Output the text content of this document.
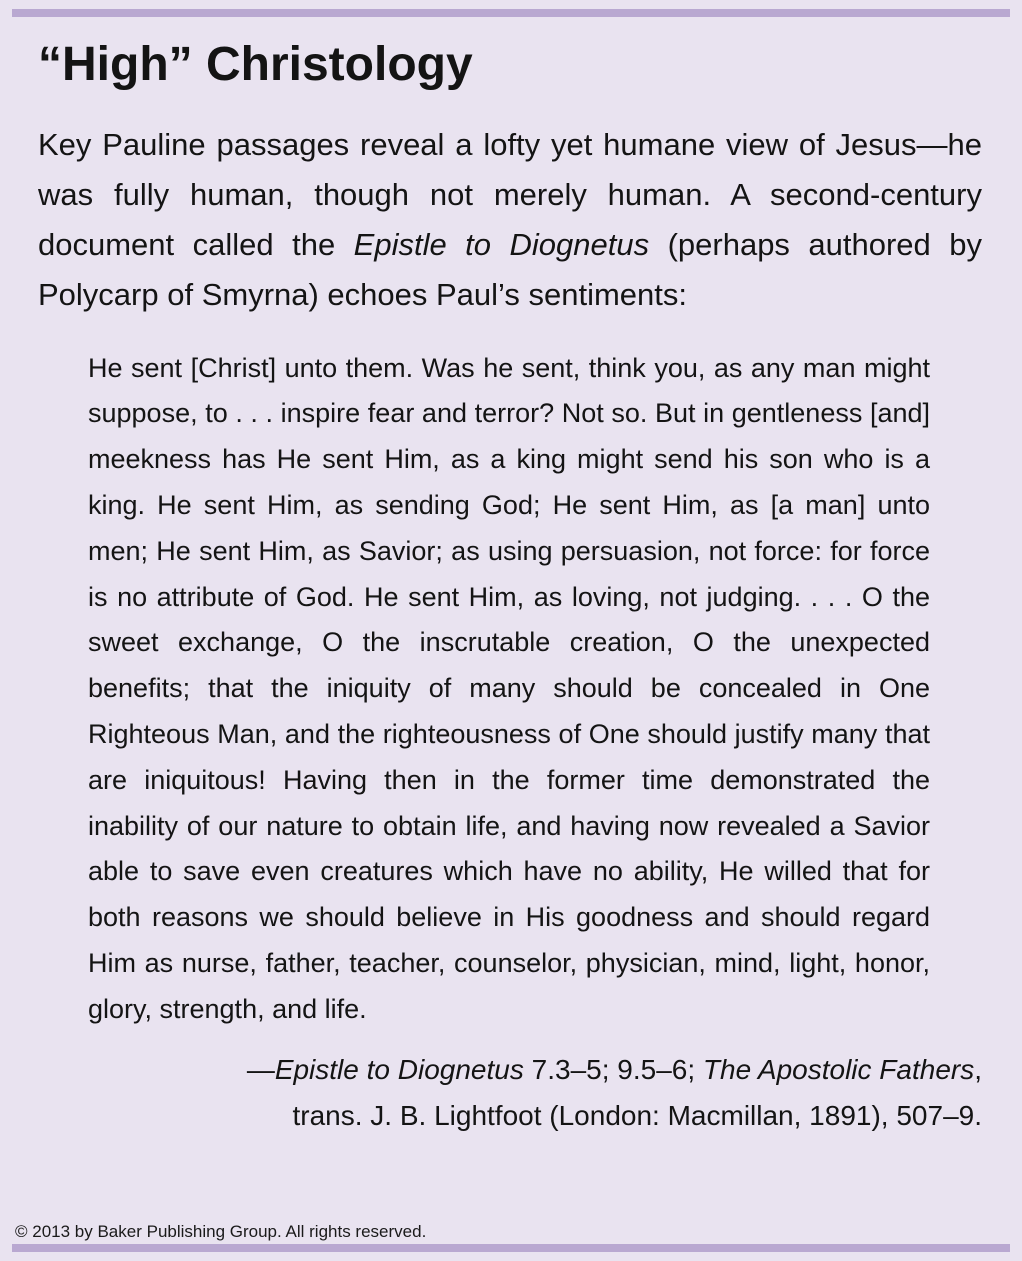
“High” Christology

Key Pauline passages reveal a lofty yet humane view of Jesus—he was fully human, though not merely human. A second-century document called the Epistle to Diognetus (perhaps authored by Polycarp of Smyrna) echoes Paul’s sentiments:

He sent [Christ] unto them. Was he sent, think you, as any man might suppose, to . . . inspire fear and terror? Not so. But in gentleness [and] meekness has He sent Him, as a king might send his son who is a king. He sent Him, as sending God; He sent Him, as [a man] unto men; He sent Him, as Savior; as using persuasion, not force: for force is no attribute of God. He sent Him, as loving, not judging. . . . O the sweet exchange, O the inscrutable creation, O the unexpected benefits; that the iniquity of many should be concealed in One Righteous Man, and the righteousness of One should justify many that are iniquitous! Having then in the former time demonstrated the inability of our nature to obtain life, and having now revealed a Savior able to save even creatures which have no ability, He willed that for both reasons we should believe in His goodness and should regard Him as nurse, father, teacher, counselor, physician, mind, light, honor, glory, strength, and life.

—Epistle to Diognetus 7.3–5; 9.5–6; The Apostolic Fathers,
trans. J. B. Lightfoot (London: Macmillan, 1891), 507–9.
© 2013 by Baker Publishing Group. All rights reserved.
